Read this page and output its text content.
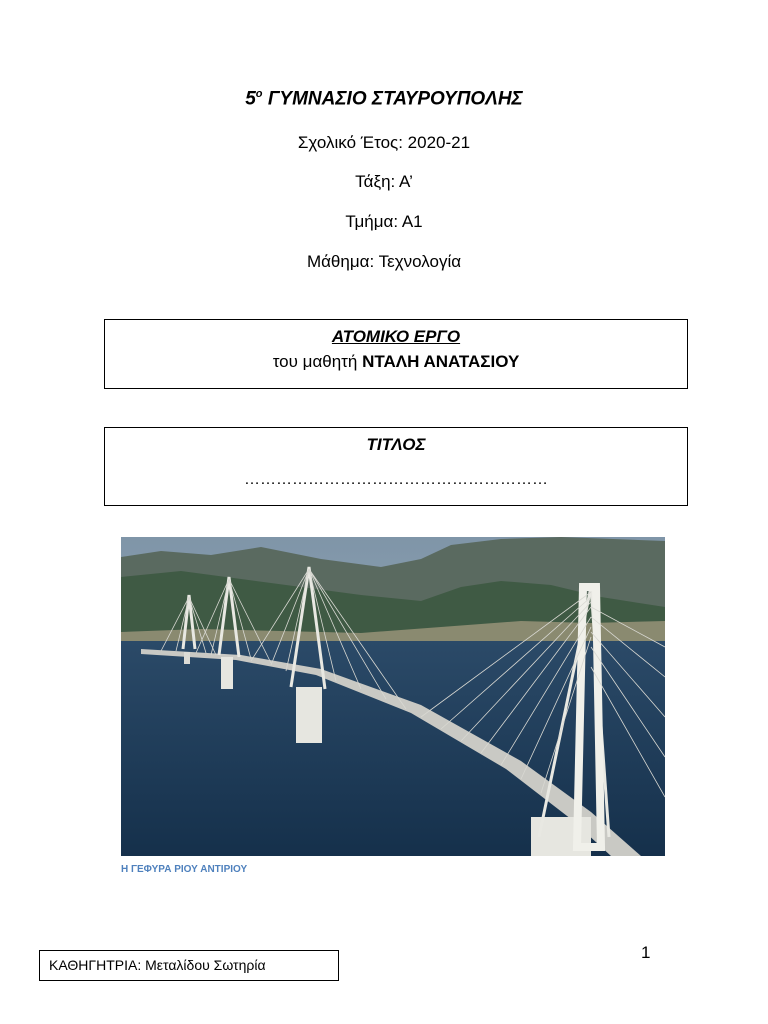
$5^o$ ΓΥΜΝΑΣΙΟ ΣΤΑΥΡΟΥΠΟΛΗΣ
Σχολικό Έτος: 2020-21
Τάξη: Α’
Τμήμα: Α1
Μάθημα: Τεχνολογία
ΑΤΟΜΙΚΟ ΕΡΓΟ
του μαθητή ΝΤΑΛΗ ΑΝΑΤΑΣΙΟΥ
ΤΙΤΛΟΣ
…………………………………………………
Η ΓΕΦΥΡΑ ΡΙΟΥ ΑΝΤΙΡΙΟΥ
1
ΚΑΘΗΓΗΤΡΙΑ: Μεταλίδου Σωτηρία
